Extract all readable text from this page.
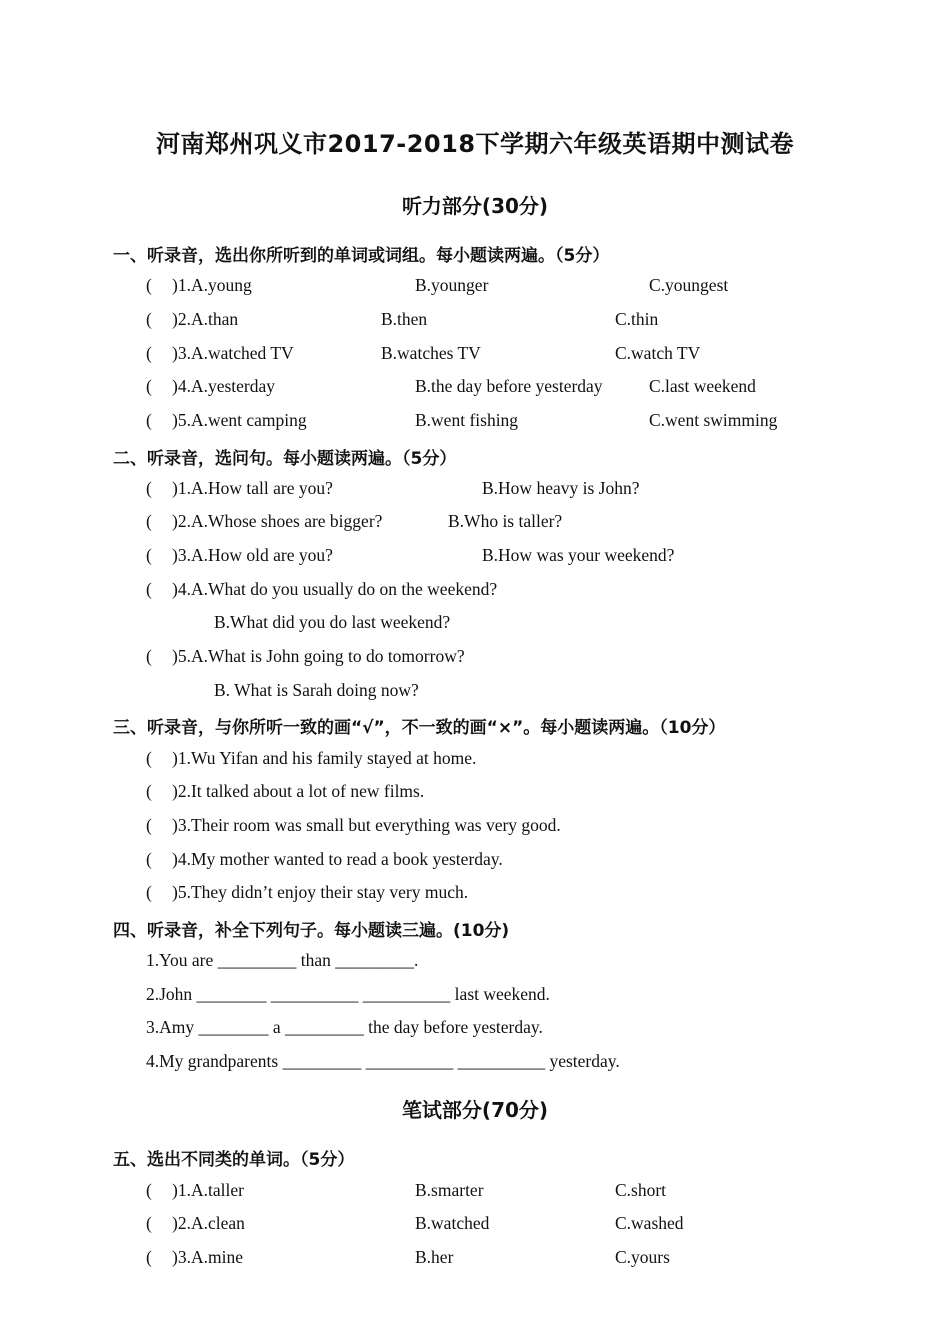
河南郑州巩义市2017-2018下学期六年级英语期中测试卷
听力部分(30分)
一、听录音，选出你所听到的单词或词组。每小题读两遍。（5分）
( )1.A.young	B.younger	C.youngest
( )2.A.than	B.then	C.thin
( )3.A.watched TV	B.watches TV	C.watch TV
( )4.A.yesterday	B.the day before yesterday	C.last weekend
( )5.A.went camping	B.went fishing	C.went swimming
二、听录音，选问句。每小题读两遍。（5分）
( )1.A.How tall are you?	B.How heavy is John?
( )2.A.Whose shoes are bigger?	B.Who is taller?
( )3.A.How old are you?	B.How was your weekend?
( )4.A.What do you usually do on the weekend?
B.What did you do last weekend?
( )5.A.What is John going to do tomorrow?
B. What is Sarah doing now?
三、听录音，与你所听一致的画“√”，不一致的画“×”。每小题读两遍。（10分）
( )1.Wu Yifan and his family stayed at home.
( )2.It talked about a lot of new films.
( )3.Their room was small but everything was very good.
( )4.My mother wanted to read a book yesterday.
( )5.They didn’t enjoy their stay very much.
四、听录音，补全下列句子。每小题读三遍。(10分)
1.You are _________ than _________.
2.John ________ __________ __________ last weekend.
3.Amy ________ a _________ the day before yesterday.
4.My grandparents _________ __________ __________ yesterday.
笔试部分(70分)
五、选出不同类的单词。（5分）
( )1.A.taller	B.smarter	C.short
( )2.A.clean	B.watched	C.washed
( )3.A.mine	B.her	C.yours
